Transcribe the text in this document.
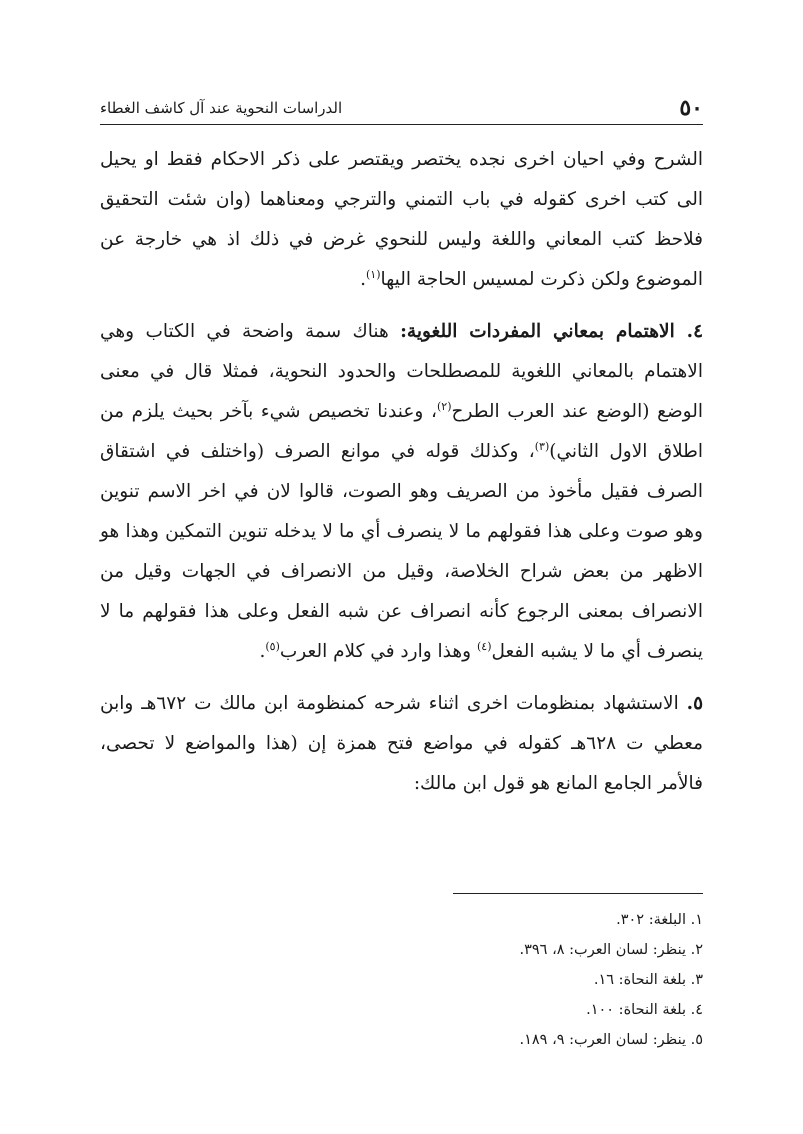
٥٠
الدراسات النحوية عند آل كاشف الغطاء

الشرح وفي احيان اخرى نجده يختصر ويقتصر على ذكر الاحكام فقط او يحيل الى كتب اخرى كقوله في باب التمني والترجي ومعناهما (وان شئت التحقيق فلاحظ كتب المعاني واللغة وليس للنحوي غرض في ذلك اذ هي خارجة عن الموضوع ولكن ذكرت لمسيس الحاجة اليها$^{(١)}$.

٤. الاهتمام بمعاني المفردات اللغوية: هناك سمة واضحة في الكتاب وهي الاهتمام بالمعاني اللغوية للمصطلحات والحدود النحوية، فمثلا قال في معنى الوضع (الوضع عند العرب الطرح$^{(٢)}$، وعندنا تخصيص شيء بآخر بحيث يلزم من اطلاق الاول الثاني)$^{(٣)}$، وكذلك قوله في موانع الصرف (واختلف في اشتقاق الصرف فقيل مأخوذ من الصريف وهو الصوت، قالوا لان في اخر الاسم تنوين وهو صوت وعلى هذا فقولهم ما لا ينصرف أي ما لا يدخله تنوين التمكين وهذا هو الاظهر من بعض شراح الخلاصة، وقيل من الانصراف في الجهات وقيل من الانصراف بمعنى الرجوع كأنه انصراف عن شبه الفعل وعلى هذا فقولهم ما لا ينصرف أي ما لا يشبه الفعل$^{(٤)}$ وهذا وارد في كلام العرب$^{(٥)}$.

٥. الاستشهاد بمنظومات اخرى اثناء شرحه كمنظومة ابن مالك ت ٦٧٢هـ وابن معطي ت ٦٢٨هـ كقوله في مواضع فتح همزة إن (هذا والمواضع لا تحصى، فالأمر الجامع المانع هو قول ابن مالك:

١. البلغة: ٣٠٢.

٢. ينظر: لسان العرب: ٨، ٣٩٦.

٣. بلغة النحاة: ١٦.

٤. بلغة النحاة: ١٠٠.

٥. ينظر: لسان العرب: ٩، ١٨٩.
